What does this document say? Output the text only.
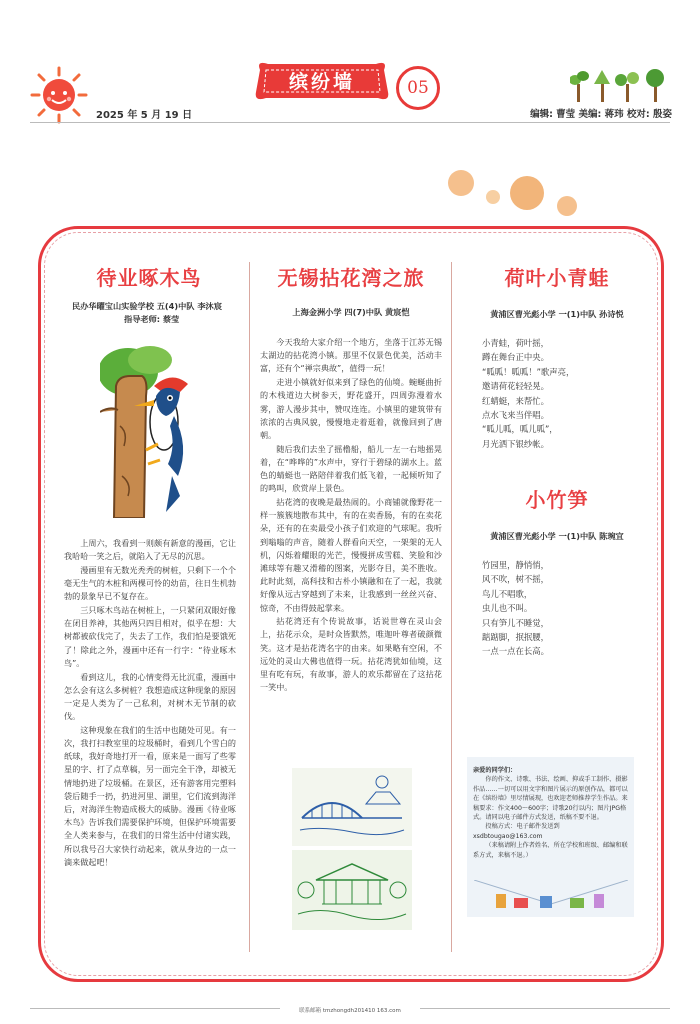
2025 年 5 月 19 日
缤纷墙	05
编辑: 曹莹 美编: 蒋玮 校对: 殷姿
待业啄木鸟
民办华曜宝山实验学校 五(4)中队 李沐宸
指导老师: 蔡莹

上周六，我看到一则颇有新意的漫画，它让我哈哈一笑之后，就陷入了无尽的沉思。

漫画里有无数光秃秃的树桩，只剩下一个个毫无生气的木桩和两棵可怜的幼苗，往日生机勃勃的景象早已不复存在。

三只啄木鸟站在树桩上，一只紧闭双眼好像在闭目养神，其他两只四目相对，似乎在想：大树都被砍伐完了，失去了工作，我们怕是要饿死了！除此之外，漫画中还有一行字：“待业啄木鸟”。

看到这儿，我的心情变得无比沉重，漫画中怎么会有这么多树桩？我想造成这种现象的原因一定是人类为了一己私利，对树木无节制的砍伐。

这种现象在我们的生活中也随处可见。有一次，我打扫教室里的垃圾桶时，看到几个雪白的纸球，我好奇地打开一看，原来是一面写了些零星的字、打了点草稿，另一面完全干净，却被无情地扔进了垃圾桶。在景区，还有游客用完塑料袋后随手一扔，扔进河里、湖里，它们流到海洋后，对海洋生物造成极大的威胁。漫画《待业啄木鸟》告诉我们需要保护环境，但保护环境需要全人类来参与，在我们的日常生活中付诸实践，所以我号召大家快行动起来，就从身边的一点一滴来做起吧！

无锡拈花湾之旅
上海金洲小学 四(7)中队 黄宸恺

今天我给大家介绍一个地方，坐落于江苏无锡太湖边的拈花湾小镇。那里不仅景色优美，活动丰富，还有个“禅宗典故”，值得一玩！

走进小镇就好似来到了绿色的仙境。蜿蜒曲折的木栈道边大树参天，野花盛开，四周弥漫着水雾，游人漫步其中，赞叹连连。小镇里的建筑带有浓浓的古典风貌，慢慢地走着逛着，就像回到了唐朝。

随后我们去坐了摇橹船，船儿一左一右地摇晃着，在“哗哗的”水声中，穿行于碧绿的湖水上。蓝色的蜻蜓也一路陪伴着我们低飞着，一起倾听知了的鸣叫，欣赏岸上景色。

拈花湾的夜晚是最热闹的。小商铺就像野花一样一簇簇地散布其中，有的在卖香肠，有的在卖花朵，还有的在卖最受小孩子们欢迎的气球呢。我听到嗡嗡的声音，随着人群看向天空，一架架的无人机，闪烁着耀眼的光芒，慢慢拼成雪糕、笑脸和沙滩球等有趣又滑稽的图案，光影夺目，美不胜收。此时此刻，高科技和古朴小镇融和在了一起，我就好像从远古穿越到了未来，让我感到一丝丝兴奋、惊奇，不由得鼓起掌来。

拈花湾还有个传说故事，话说世尊在灵山会上，拈花示众，是时众皆默然，唯迦叶尊者破颜微笑。这才是拈花湾名字的由来。如果略有空闲，不远处的灵山大佛也值得一玩。拈花湾犹如仙境，这里有吃有玩，有故事，游人的欢乐都留在了这拈花一笑中。

荷叶小青蛙
黄浦区曹光彪小学 一(1)中队 孙诗悦
小青蛙，荷叶摇，
蹲在舞台正中央。
“呱呱！呱呱！”歌声亮，
邀请荷花轻轻晃。
红蜻蜓，来帮忙。
点水飞来当伴唱。
“呱儿呱，呱儿呱”，
月光洒下银纱帐。
小竹笋
黄浦区曹光彪小学 一(1)中队 陈琬宜
竹园里，静悄悄，
风不吹，树不摇，
鸟儿不唱歌，
虫儿也不叫。
只有笋儿不睡觉，
踮踮脚，抿抿腰，
一点一点在长高。
亲爱的同学们：
你的作文、诗歌、书法、绘画、抑或手工制作、摄影作品……一切可以用文字和图片展示的原创作品，都可以在《缤纷墙》里尽情展现，也欢迎老师推荐学生作品。来稿要求：作文400～600字；诗歌20行以内；图片JPG格式。请同以电子邮件方式发送，纸稿不要不退。
投稿方式：电子邮件发送到xsdbtougao@163.com
（来稿请附上作者姓名、所在学校和班级、邮编和联系方式，来稿不退。）
联系邮箱 tmzhongdh201410 163.com
